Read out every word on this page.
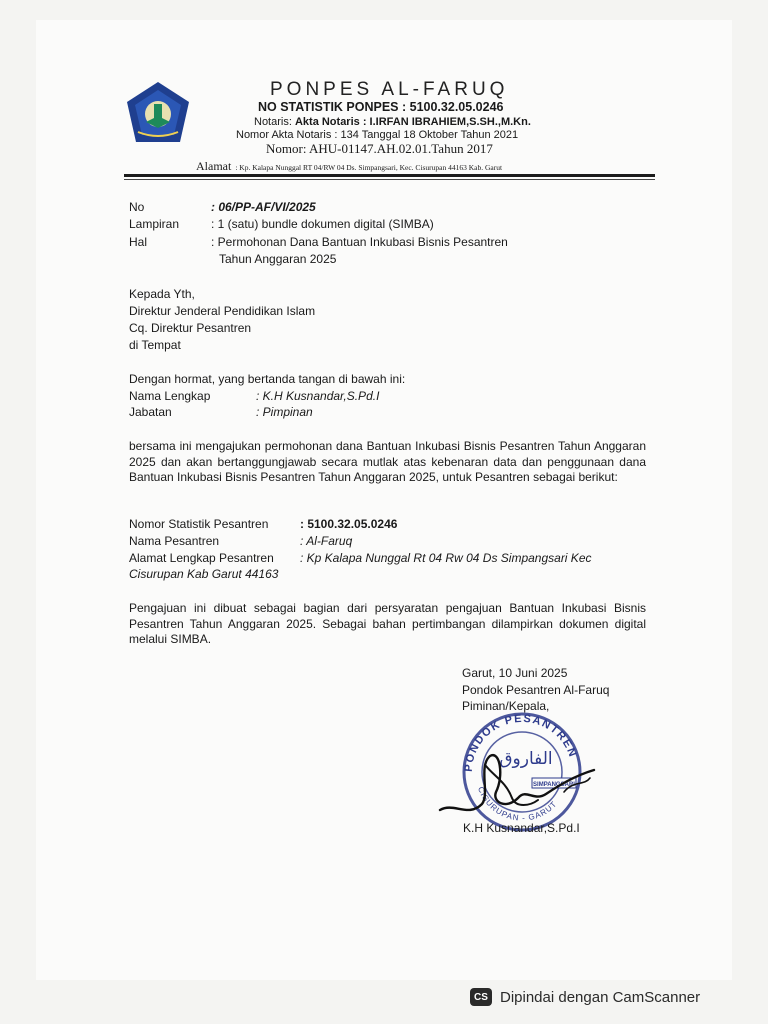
PONPES AL-FARUQ
NO STATISTIK PONPES : 5100.32.05.0246
Notaris: Akta Notaris : I.IRFAN IBRAHIEM,S.SH.,M.Kn.
Nomor Akta Notaris : 134 Tanggal 18 Oktober Tahun 2021
Nomor: AHU-01147.AH.02.01.Tahun 2017
Alamat : Kp. Kalapa Nunggal RT 04/RW 04 Ds. Simpangsari, Kec. Cisurupan 44163 Kab. Garut
No	: 06/PP-AF/VI/2025
Lampiran	: 1 (satu) bundle dokumen digital (SIMBA)
Hal	: Permohonan Dana Bantuan Inkubasi Bisnis Pesantren
Tahun Anggaran 2025
Kepada Yth,
Direktur Jenderal Pendidikan Islam
Cq. Direktur Pesantren
di Tempat
Dengan hormat, yang bertanda tangan di bawah ini:
Nama Lengkap	: K.H Kusnandar,S.Pd.I
Jabatan	: Pimpinan
bersama ini mengajukan permohonan dana Bantuan Inkubasi Bisnis Pesantren Tahun Anggaran 2025 dan akan bertanggungjawab secara mutlak atas kebenaran data dan penggunaan dana Bantuan Inkubasi Bisnis Pesantren Tahun Anggaran 2025, untuk Pesantren sebagai berikut:
Nomor Statistik Pesantren	: 5100.32.05.0246
Nama Pesantren	: Al-Faruq
Alamat Lengkap Pesantren : Kp Kalapa Nunggal Rt 04 Rw 04 Ds Simpangsari Kec
Cisurupan Kab Garut 44163
Pengajuan ini dibuat sebagai bagian dari persyaratan pengajuan Bantuan Inkubasi Bisnis Pesantren Tahun Anggaran 2025. Sebagai bahan pertimbangan dilampirkan dokumen digital melalui SIMBA.
Garut, 10 Juni 2025
Pondok Pesantren Al-Faruq
Piminan/Kepala,
PONDOK PESANTREN
CISURUPAN - GARUT
الفاروق
SIMPANGSARI
K.H Kusnandar,S.Pd.I
CS Dipindai dengan CamScanner
